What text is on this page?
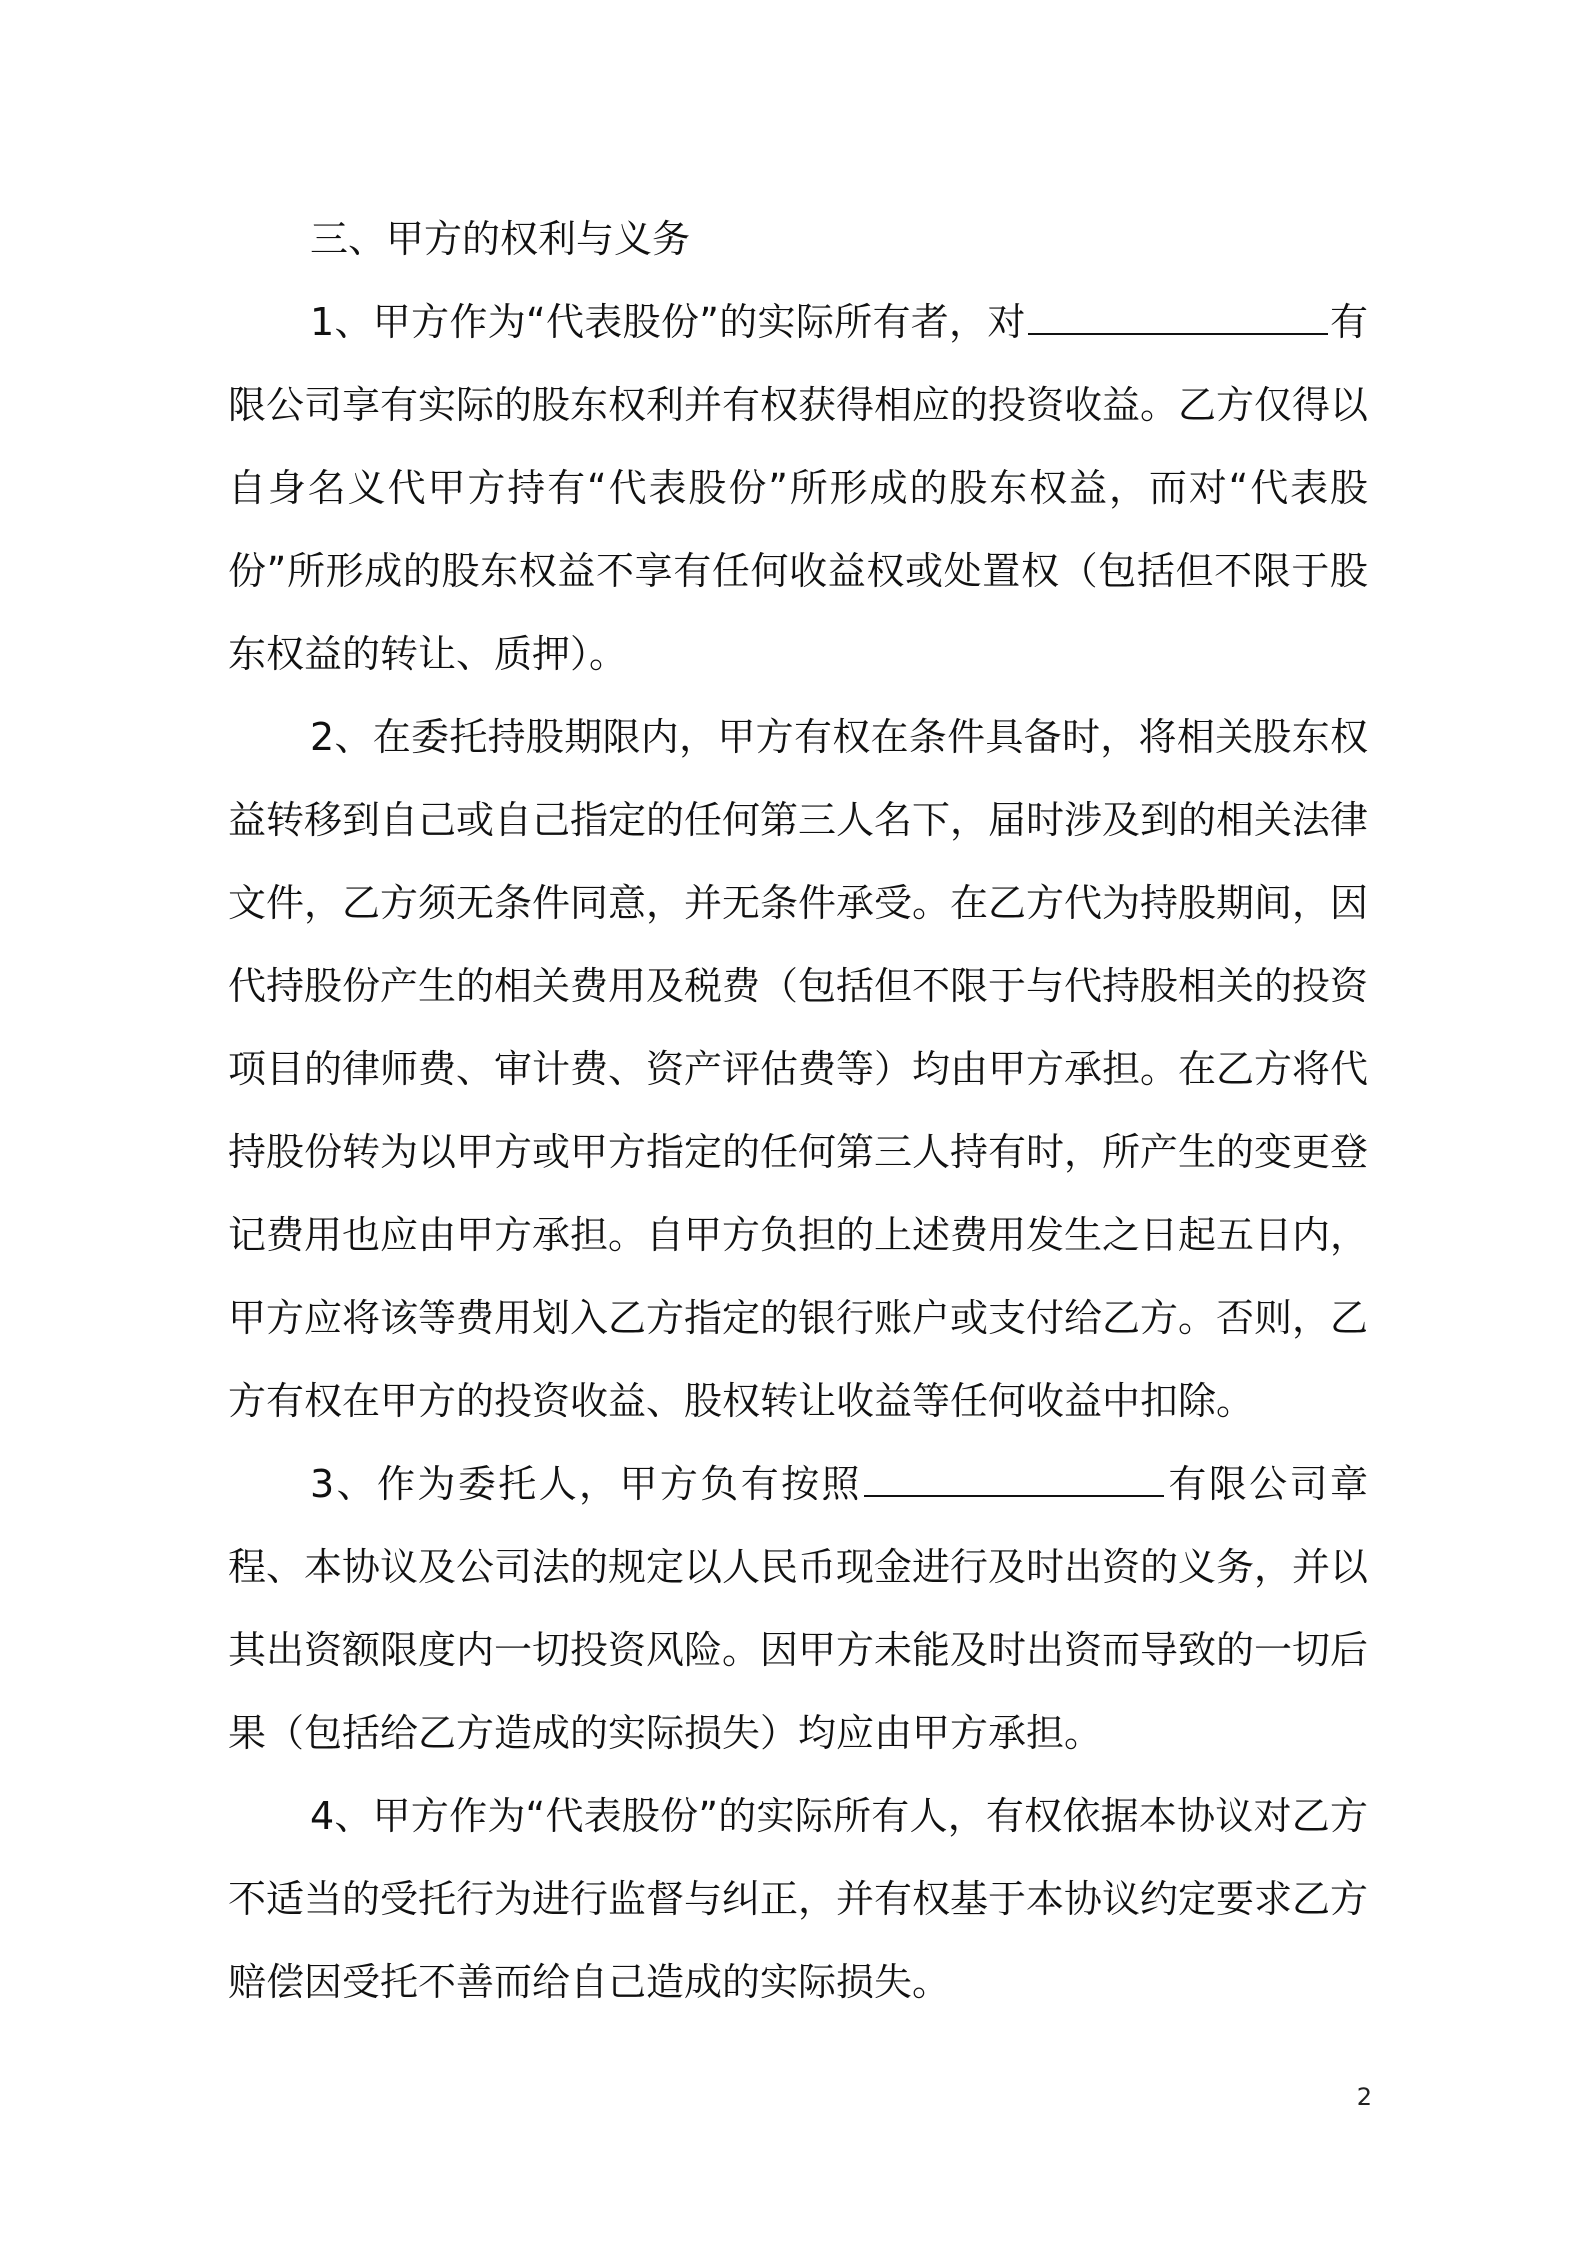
三、甲方的权利与义务

1、甲方作为“代表股份”的实际所有者，对	有限公司享有实际的股东权利并有权获得相应的投资收益。乙方仅得以自身名义代甲方持有“代表股份”所形成的股东权益，而对“代表股份”所形成的股东权益不享有任何收益权或处置权（包括但不限于股东权益的转让、质押）。

2、在委托持股期限内，甲方有权在条件具备时，将相关股东权益转移到自己或自己指定的任何第三人名下，届时涉及到的相关法律文件，乙方须无条件同意，并无条件承受。在乙方代为持股期间，因代持股份产生的相关费用及税费（包括但不限于与代持股相关的投资项目的律师费、审计费、资产评估费等）均由甲方承担。在乙方将代持股份转为以甲方或甲方指定的任何第三人持有时，所产生的变更登记费用也应由甲方承担。自甲方负担的上述费用发生之日起五日内，甲方应将该等费用划入乙方指定的银行账户或支付给乙方。否则，乙方有权在甲方的投资收益、股权转让收益等任何收益中扣除。

3、作为委托人，甲方负有按照	有限公司章程、本协议及公司法的规定以人民币现金进行及时出资的义务，并以其出资额限度内一切投资风险。因甲方未能及时出资而导致的一切后果（包括给乙方造成的实际损失）均应由甲方承担。

4、甲方作为“代表股份”的实际所有人，有权依据本协议对乙方不适当的受托行为进行监督与纠正，并有权基于本协议约定要求乙方赔偿因受托不善而给自己造成的实际损失。

2
